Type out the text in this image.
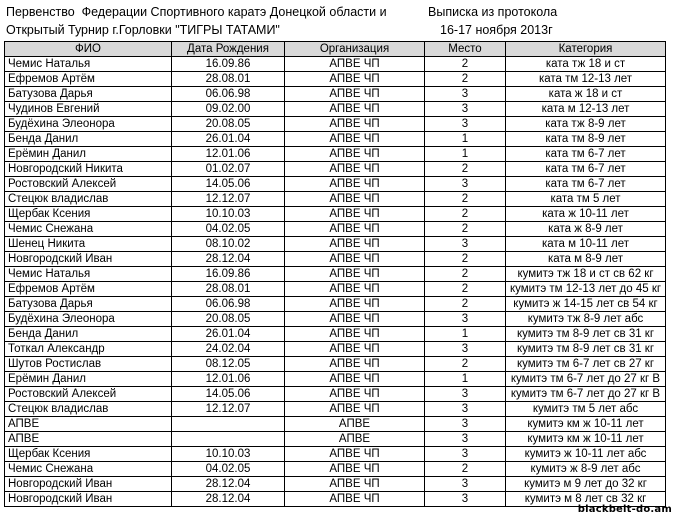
Первенство  Федерации Спортивного каратэ Донецкой области и	Выписка из протокола
Открытый Турнир г.Горловки "ТИГРЫ ТАТАМИ"	16-17 ноября 2013г
ФИО	Дата Рождения	Организация	Место	Категория
Чемис Наталья	16.09.86	АПВЕ ЧП	2	ката тж 18 и ст
Ефремов Артём	28.08.01	АПВЕ ЧП	2	ката тм 12-13 лет
Батузова Дарья	06.06.98	АПВЕ ЧП	3	ката ж 18 и ст
Чудинов Евгений	09.02.00	АПВЕ ЧП	3	ката м 12-13 лет
Будёхина Элеонора	20.08.05	АПВЕ ЧП	3	ката тж 8-9 лет
Бенда Данил	26.01.04	АПВЕ ЧП	1	ката тм 8-9 лет
Ерёмин Данил	12.01.06	АПВЕ ЧП	1	ката тм 6-7 лет
Новгородский Никита	01.02.07	АПВЕ ЧП	2	ката тм 6-7 лет
Ростовский Алексей	14.05.06	АПВЕ ЧП	3	ката тм 6-7 лет
Стецюк владислав	12.12.07	АПВЕ ЧП	2	ката тм 5 лет
Щербак Ксения	10.10.03	АПВЕ ЧП	2	ката ж 10-11 лет
Чемис Снежана	04.02.05	АПВЕ ЧП	2	ката ж 8-9 лет
Шенец Никита	08.10.02	АПВЕ ЧП	3	ката м 10-11 лет
Новгородский Иван	28.12.04	АПВЕ ЧП	2	ката м 8-9 лет
Чемис Наталья	16.09.86	АПВЕ ЧП	2	кумитэ тж 18 и ст св 62 кг
Ефремов Артём	28.08.01	АПВЕ ЧП	2	кумитэ тм 12-13 лет до 45 кг
Батузова Дарья	06.06.98	АПВЕ ЧП	2	кумитэ ж 14-15 лет св 54 кг
Будёхина Элеонора	20.08.05	АПВЕ ЧП	3	кумитэ тж 8-9 лет абс
Бенда Данил	26.01.04	АПВЕ ЧП	1	кумитэ тм 8-9 лет св 31 кг
Тоткал Александр	24.02.04	АПВЕ ЧП	3	кумитэ тм 8-9 лет св 31 кг
Шутов Ростислав	08.12.05	АПВЕ ЧП	2	кумитэ тм 6-7 лет св 27 кг
Ерёмин Данил	12.01.06	АПВЕ ЧП	1	кумитэ тм 6-7 лет до 27 кг В
Ростовский Алексей	14.05.06	АПВЕ ЧП	3	кумитэ тм 6-7 лет до 27 кг В
Стецюк владислав	12.12.07	АПВЕ ЧП	3	кумитэ тм 5 лет абс
АПВЕ		АПВЕ	3	кумитэ км ж 10-11 лет
АПВЕ		АПВЕ	3	кумитэ км ж 10-11 лет
Щербак Ксения	10.10.03	АПВЕ ЧП	3	кумитэ ж 10-11 лет абс
Чемис Снежана	04.02.05	АПВЕ ЧП	2	кумитэ ж 8-9 лет абс
Новгородский Иван	28.12.04	АПВЕ ЧП	3	кумитэ м 9 лет до 32 кг
Новгородский Иван	28.12.04	АПВЕ ЧП	3	кумитэ м 8 лет св 32 кг
blackbelt-do.am
